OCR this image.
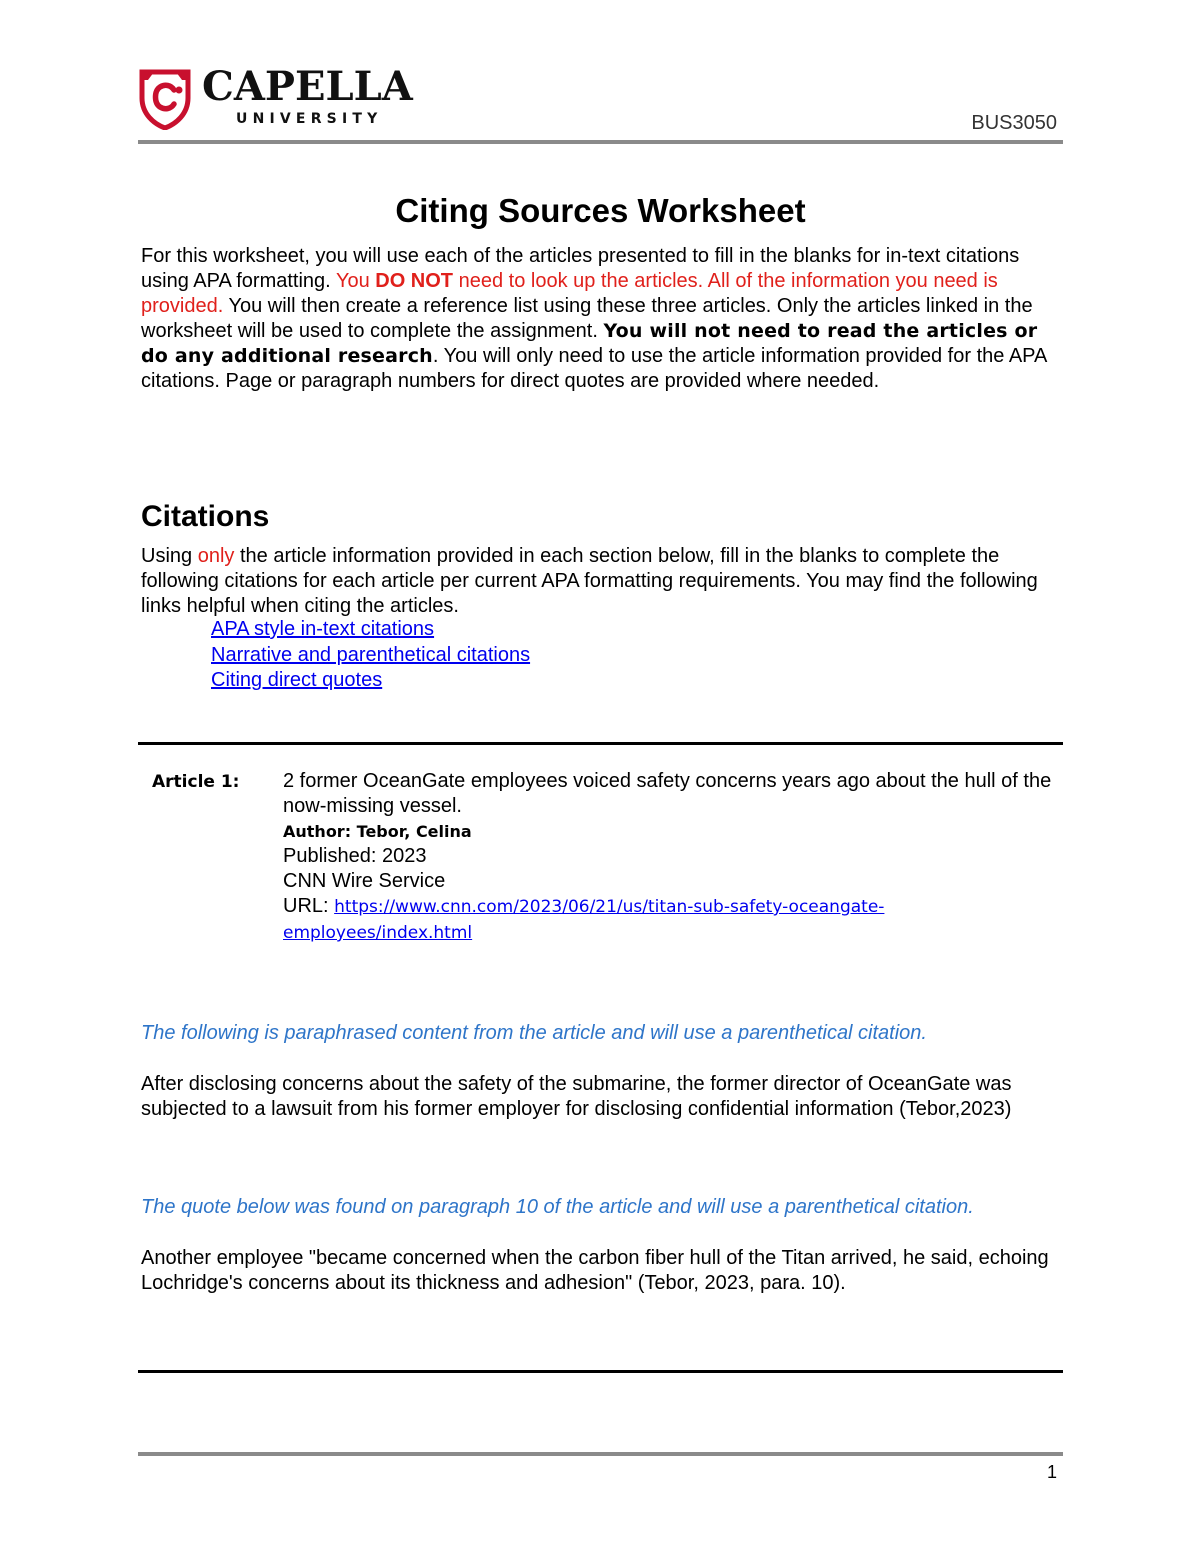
CAPELLA
UNIVERSITY	BUS3050
Citing Sources Worksheet
For this worksheet, you will use each of the articles presented to fill in the blanks for in-text citations using APA formatting. You DO NOT need to look up the articles. All of the information you need is provided. You will then create a reference list using these three articles. Only the articles linked in the worksheet will be used to complete the assignment. You will not need to read the articles or do any additional research. You will only need to use the article information provided for the APA citations. Page or paragraph numbers for direct quotes are provided where needed.
Citations
Using only the article information provided in each section below, fill in the blanks to complete the following citations for each article per current APA formatting requirements. You may find the following links helpful when citing the articles.
APA style in-text citations
Narrative and parenthetical citations
Citing direct quotes
Article 1: 2 former OceanGate employees voiced safety concerns years ago about the hull of the now-missing vessel.
Author: Tebor, Celina
Published: 2023
CNN Wire Service
URL: https://www.cnn.com/2023/06/21/us/titan-sub-safety-oceangate-employees/index.html
The following is paraphrased content from the article and will use a parenthetical citation.
After disclosing concerns about the safety of the submarine, the former director of OceanGate was subjected to a lawsuit from his former employer for disclosing confidential information (Tebor,2023)
The quote below was found on paragraph 10 of the article and will use a parenthetical citation.
Another employee "became concerned when the carbon fiber hull of the Titan arrived, he said, echoing Lochridge's concerns about its thickness and adhesion" (Tebor, 2023, para. 10).
1
